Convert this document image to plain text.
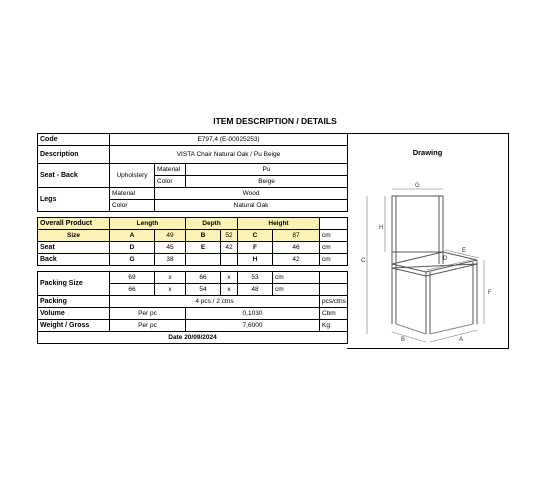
ITEM DESCRIPTION / DETAILS
Code	E797,4 (E-00025253)						
Description	VISTA Chair Natural Oak / Pu Beige						
Seat - Back	Upholstery	Material	Pu				
		Color	Beige				
Legs	Material	Wood					
	Color	Natural Oak					

Overall Product	Length		Depth		Height		
Size	A	49	B	52	C	87	cm
Seat	D	45	E	42	F	46	cm
Back	G	38			H	42	cm

Packing Size	69	x	66	x	53	cm	
	66	x	54	x	48	cm	
Packing	4 pcs / 2 ctns						pcs/ctns
Volume	Per pc		0,1030				Cbm
Weight / Gross	Per pc		7,6000				Kg
Date 20/09/2024							
Drawing
G
H
C
E
D
F
B	A
